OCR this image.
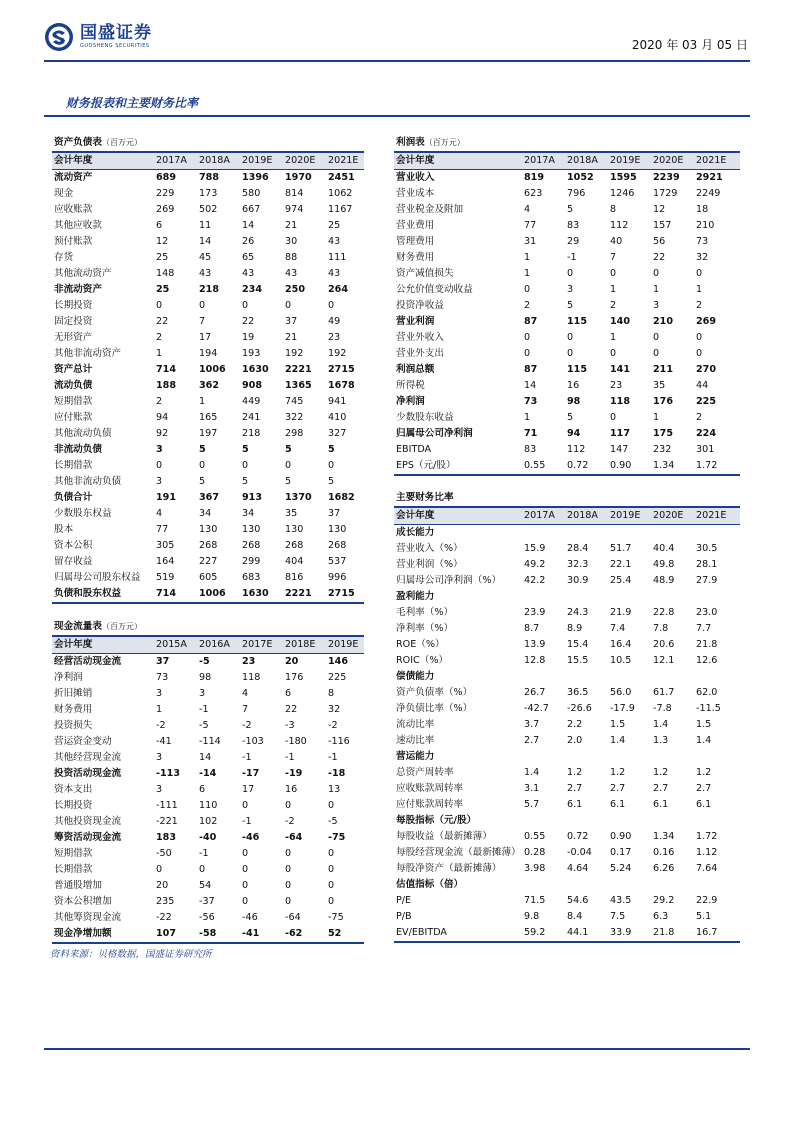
国盛证券
GUOSHENG SECURITIES	2020 年 03 月 05 日
财务报表和主要财务比率
资产负债表（百万元）					
会计年度	2017A	2018A	2019E	2020E	2021E
流动资产	689	788	1396	1970	2451
现金	229	173	580	814	1062
应收账款	269	502	667	974	1167
其他应收款	6	11	14	21	25
预付账款	12	14	26	30	43
存货	25	45	65	88	111
其他流动资产	148	43	43	43	43
非流动资产	25	218	234	250	264
长期投资	0	0	0	0	0
固定投资	22	7	22	37	49
无形资产	2	17	19	21	23
其他非流动资产	1	194	193	192	192
资产总计	714	1006	1630	2221	2715
流动负债	188	362	908	1365	1678
短期借款	2	1	449	745	941
应付账款	94	165	241	322	410
其他流动负债	92	197	218	298	327
非流动负债	3	5	5	5	5
长期借款	0	0	0	0	0
其他非流动负债	3	5	5	5	5
负债合计	191	367	913	1370	1682
少数股东权益	4	34	34	35	37
股本	77	130	130	130	130
资本公积	305	268	268	268	268
留存收益	164	227	299	404	537
归属母公司股东权益	519	605	683	816	996
负债和股东权益	714	1006	1630	2221	2715
现金流量表（百万元）					
会计年度	2015A	2016A	2017E	2018E	2019E
经营活动现金流	37	-5	23	20	146
净利润	73	98	118	176	225
折旧摊销	3	3	4	6	8
财务费用	1	-1	7	22	32
投资损失	-2	-5	-2	-3	-2
营运资金变动	-41	-114	-103	-180	-116
其他经营现金流	3	14	-1	-1	-1
投资活动现金流	-113	-14	-17	-19	-18
资本支出	3	6	17	16	13
长期投资	-111	110	0	0	0
其他投资现金流	-221	102	-1	-2	-5
筹资活动现金流	183	-40	-46	-64	-75
短期借款	-50	-1	0	0	0
长期借款	0	0	0	0	0
普通股增加	20	54	0	0	0
资本公积增加	235	-37	0	0	0
其他筹资现金流	-22	-56	-46	-64	-75
现金净增加额	107	-58	-41	-62	52
利润表（百万元）					
会计年度	2017A	2018A	2019E	2020E	2021E
营业收入	819	1052	1595	2239	2921
营业成本	623	796	1246	1729	2249
营业税金及附加	4	5	8	12	18
营业费用	77	83	112	157	210
管理费用	31	29	40	56	73
财务费用	1	-1	7	22	32
资产减值损失	1	0	0	0	0
公允价值变动收益	0	3	1	1	1
投资净收益	2	5	2	3	2
营业利润	87	115	140	210	269
营业外收入	0	0	1	0	0
营业外支出	0	0	0	0	0
利润总额	87	115	141	211	270
所得税	14	16	23	35	44
净利润	73	98	118	176	225
少数股东收益	1	5	0	1	2
归属母公司净利润	71	94	117	175	224
EBITDA	83	112	147	232	301
EPS（元/股）	0.55	0.72	0.90	1.34	1.72
主要财务比率					
会计年度	2017A	2018A	2019E	2020E	2021E
成长能力					
营业收入（%）	15.9	28.4	51.7	40.4	30.5
营业利润（%）	49.2	32.3	22.1	49.8	28.1
归属母公司净利润（%）	42.2	30.9	25.4	48.9	27.9
盈利能力					
毛利率（%）	23.9	24.3	21.9	22.8	23.0
净利率（%）	8.7	8.9	7.4	7.8	7.7
ROE（%）	13.9	15.4	16.4	20.6	21.8
ROIC（%）	12.8	15.5	10.5	12.1	12.6
偿债能力					
资产负债率（%）	26.7	36.5	56.0	61.7	62.0
净负债比率（%）	-42.7	-26.6	-17.9	-7.8	-11.5
流动比率	3.7	2.2	1.5	1.4	1.5
速动比率	2.7	2.0	1.4	1.3	1.4
营运能力					
总资产周转率	1.4	1.2	1.2	1.2	1.2
应收账款周转率	3.1	2.7	2.7	2.7	2.7
应付账款周转率	5.7	6.1	6.1	6.1	6.1
每股指标（元/股）					
每股收益（最新摊薄）	0.55	0.72	0.90	1.34	1.72
每股经营现金流（最新摊薄）	0.28	-0.04	0.17	0.16	1.12
每股净资产（最新摊薄）	3.98	4.64	5.24	6.26	7.64
估值指标（倍）					
P/E	71.5	54.6	43.5	29.2	22.9
P/B	9.8	8.4	7.5	6.3	5.1
EV/EBITDA	59.2	44.1	33.9	21.8	16.7
资料来源：贝格数据，国盛证券研究所
